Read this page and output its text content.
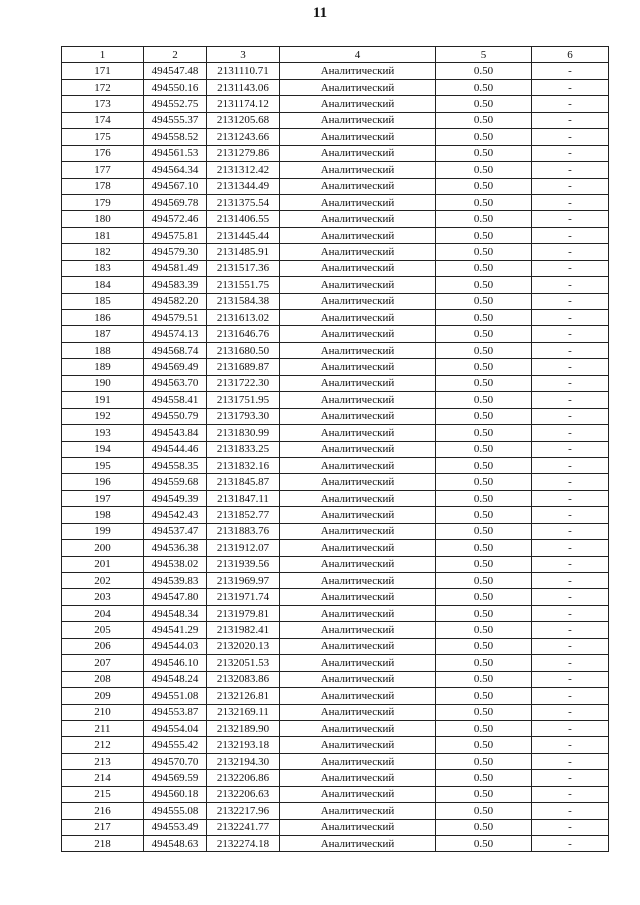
11
1	2	3	4	5	6
171	494547.48	2131110.71	Аналитический	0.50	-
172	494550.16	2131143.06	Аналитический	0.50	-
173	494552.75	2131174.12	Аналитический	0.50	-
174	494555.37	2131205.68	Аналитический	0.50	-
175	494558.52	2131243.66	Аналитический	0.50	-
176	494561.53	2131279.86	Аналитический	0.50	-
177	494564.34	2131312.42	Аналитический	0.50	-
178	494567.10	2131344.49	Аналитический	0.50	-
179	494569.78	2131375.54	Аналитический	0.50	-
180	494572.46	2131406.55	Аналитический	0.50	-
181	494575.81	2131445.44	Аналитический	0.50	-
182	494579.30	2131485.91	Аналитический	0.50	-
183	494581.49	2131517.36	Аналитический	0.50	-
184	494583.39	2131551.75	Аналитический	0.50	-
185	494582.20	2131584.38	Аналитический	0.50	-
186	494579.51	2131613.02	Аналитический	0.50	-
187	494574.13	2131646.76	Аналитический	0.50	-
188	494568.74	2131680.50	Аналитический	0.50	-
189	494569.49	2131689.87	Аналитический	0.50	-
190	494563.70	2131722.30	Аналитический	0.50	-
191	494558.41	2131751.95	Аналитический	0.50	-
192	494550.79	2131793.30	Аналитический	0.50	-
193	494543.84	2131830.99	Аналитический	0.50	-
194	494544.46	2131833.25	Аналитический	0.50	-
195	494558.35	2131832.16	Аналитический	0.50	-
196	494559.68	2131845.87	Аналитический	0.50	-
197	494549.39	2131847.11	Аналитический	0.50	-
198	494542.43	2131852.77	Аналитический	0.50	-
199	494537.47	2131883.76	Аналитический	0.50	-
200	494536.38	2131912.07	Аналитический	0.50	-
201	494538.02	2131939.56	Аналитический	0.50	-
202	494539.83	2131969.97	Аналитический	0.50	-
203	494547.80	2131971.74	Аналитический	0.50	-
204	494548.34	2131979.81	Аналитический	0.50	-
205	494541.29	2131982.41	Аналитический	0.50	-
206	494544.03	2132020.13	Аналитический	0.50	-
207	494546.10	2132051.53	Аналитический	0.50	-
208	494548.24	2132083.86	Аналитический	0.50	-
209	494551.08	2132126.81	Аналитический	0.50	-
210	494553.87	2132169.11	Аналитический	0.50	-
211	494554.04	2132189.90	Аналитический	0.50	-
212	494555.42	2132193.18	Аналитический	0.50	-
213	494570.70	2132194.30	Аналитический	0.50	-
214	494569.59	2132206.86	Аналитический	0.50	-
215	494560.18	2132206.63	Аналитический	0.50	-
216	494555.08	2132217.96	Аналитический	0.50	-
217	494553.49	2132241.77	Аналитический	0.50	-
218	494548.63	2132274.18	Аналитический	0.50	-
